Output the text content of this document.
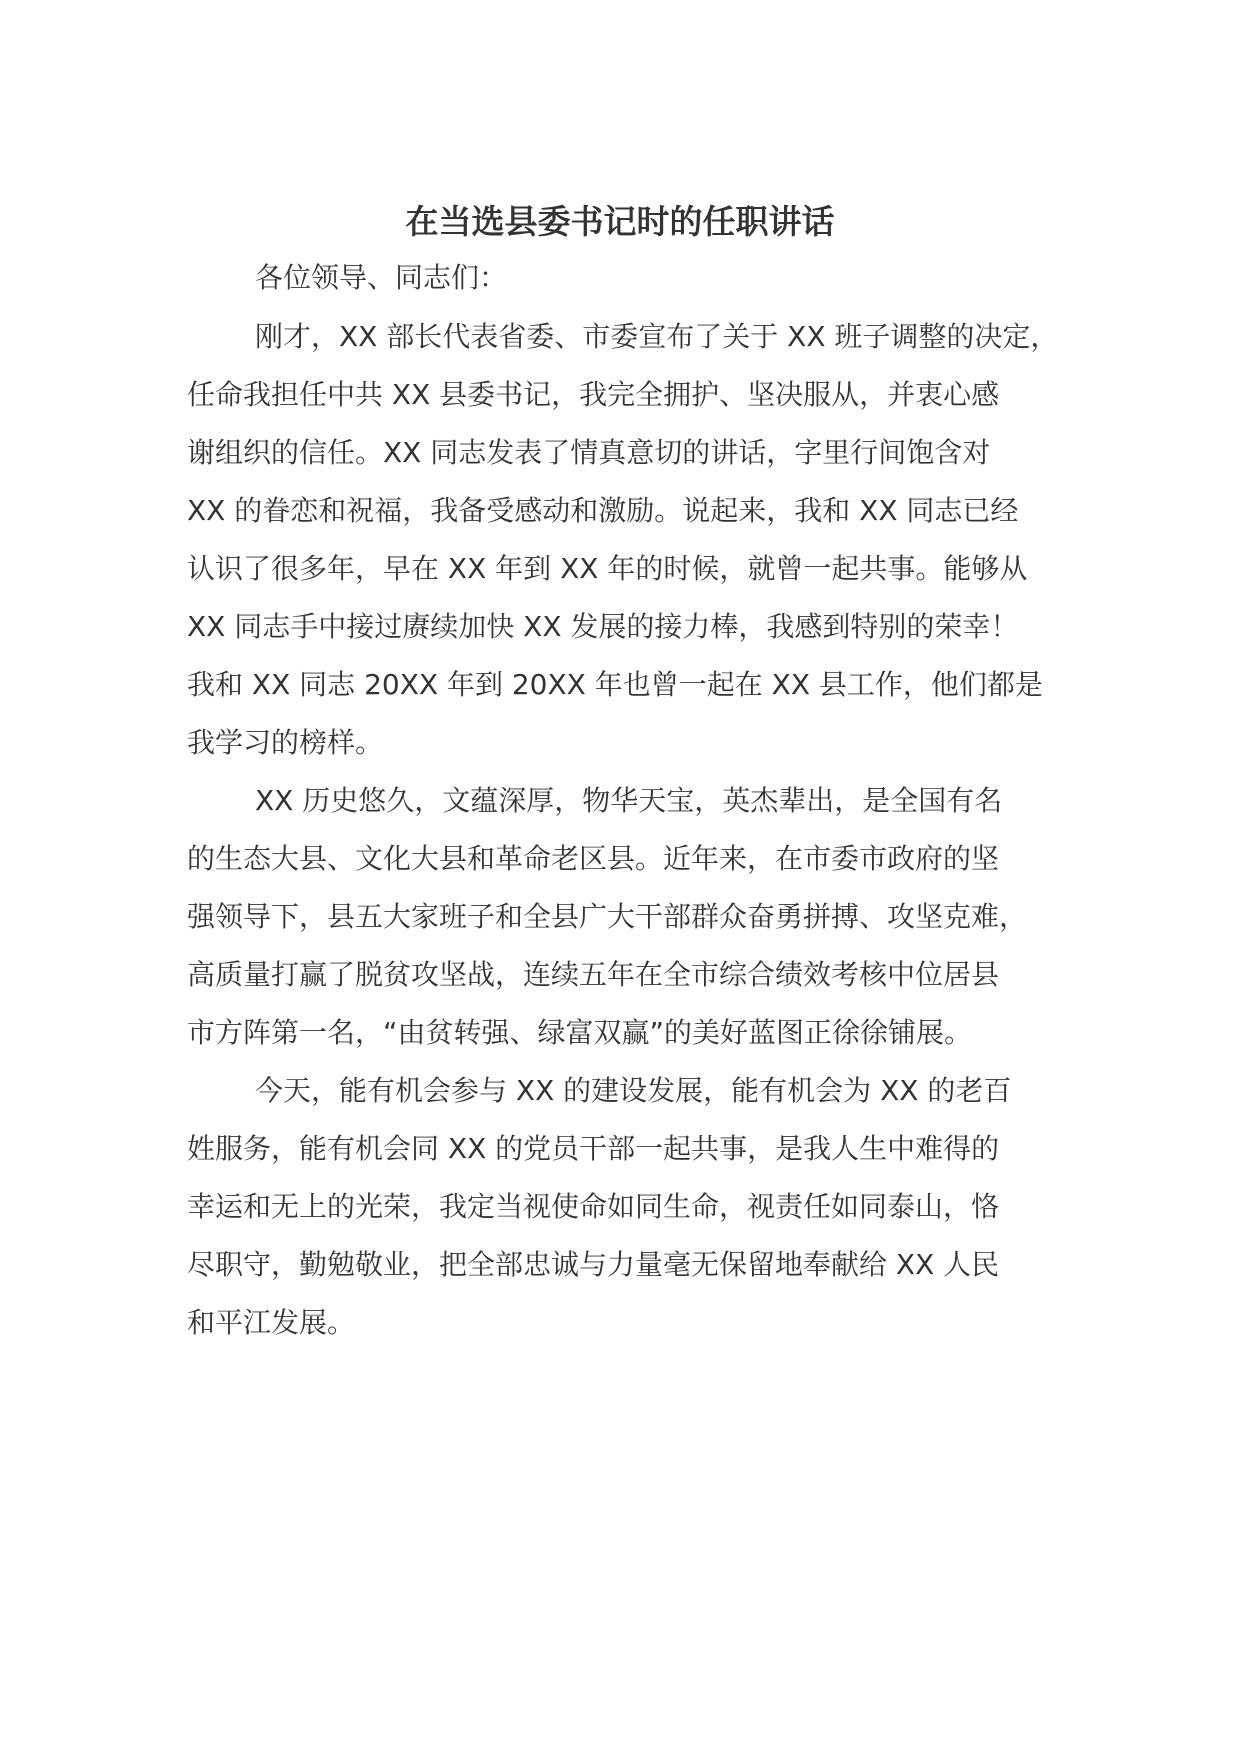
在当选县委书记时的任职讲话
各位领导、同志们：
刚才，XX 部长代表省委、市委宣布了关于 XX 班子调整的决定，
任命我担任中共 XX 县委书记，我完全拥护、坚决服从，并衷心感
谢组织的信任。XX 同志发表了情真意切的讲话，字里行间饱含对
XX 的眷恋和祝福，我备受感动和激励。说起来，我和 XX 同志已经
认识了很多年，早在 XX 年到 XX 年的时候，就曾一起共事。能够从
XX 同志手中接过赓续加快 XX 发展的接力棒，我感到特别的荣幸！
我和 XX 同志 20XX 年到 20XX 年也曾一起在 XX 县工作，他们都是
我学习的榜样。
XX 历史悠久，文蕴深厚，物华天宝，英杰辈出，是全国有名
的生态大县、文化大县和革命老区县。近年来，在市委市政府的坚
强领导下，县五大家班子和全县广大干部群众奋勇拼搏、攻坚克难，
高质量打赢了脱贫攻坚战，连续五年在全市综合绩效考核中位居县
市方阵第一名，“由贫转强、绿富双赢”的美好蓝图正徐徐铺展。
今天，能有机会参与 XX 的建设发展，能有机会为 XX 的老百
姓服务，能有机会同 XX 的党员干部一起共事，是我人生中难得的
幸运和无上的光荣，我定当视使命如同生命，视责任如同泰山，恪
尽职守，勤勉敬业，把全部忠诚与力量毫无保留地奉献给 XX 人民
和平江发展。
